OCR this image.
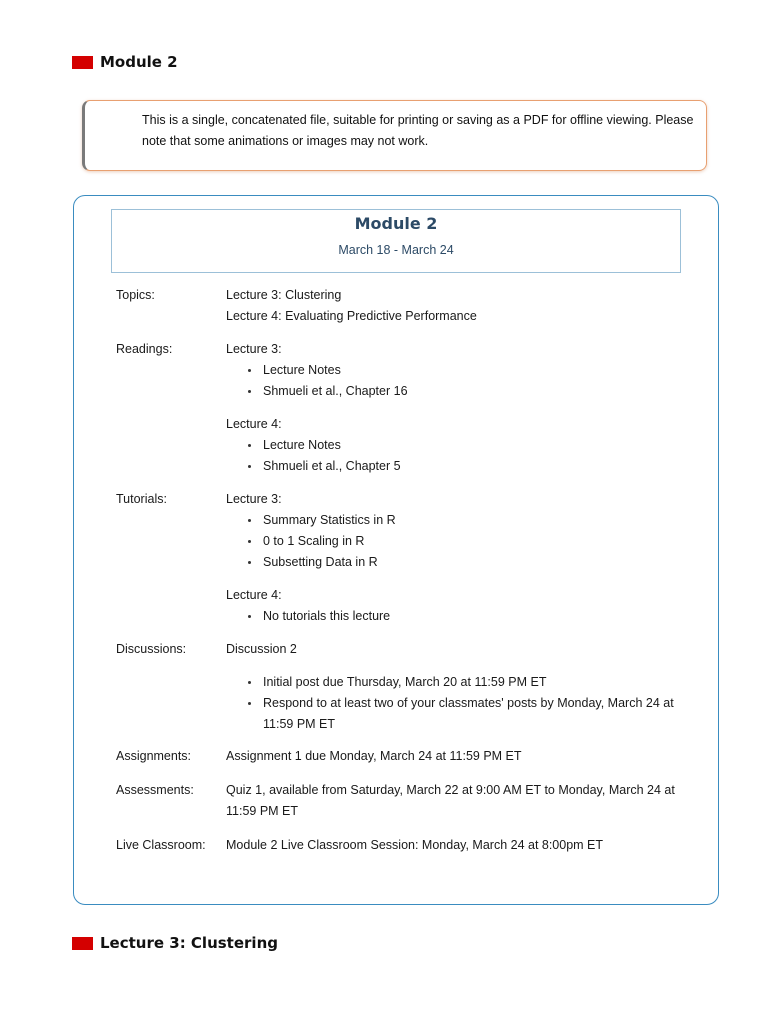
Module 2
This is a single, concatenated file, suitable for printing or saving as a PDF for offline viewing. Please note that some animations or images may not work.
Module 2
March 18 - March 24
Topics:	Lecture 3: Clustering
Lecture 4: Evaluating Predictive Performance
Readings:	Lecture 3:
Lecture Notes
Shmueli et al., Chapter 16
Lecture 4:
Lecture Notes
Shmueli et al., Chapter 5
Tutorials:	Lecture 3:
Summary Statistics in R
0 to 1 Scaling in R
Subsetting Data in R
Lecture 4:
No tutorials this lecture
Discussions:	Discussion 2
Initial post due Thursday, March 20 at 11:59 PM ET
Respond to at least two of your classmates' posts by Monday, March 24 at 11:59 PM ET
Assignments:	Assignment 1 due Monday, March 24 at 11:59 PM ET
Assessments:	Quiz 1, available from Saturday, March 22 at 9:00 AM ET to Monday, March 24 at 11:59 PM ET
Live Classroom: Module 2 Live Classroom Session: Monday, March 24 at 8:00pm ET
Lecture 3: Clustering
